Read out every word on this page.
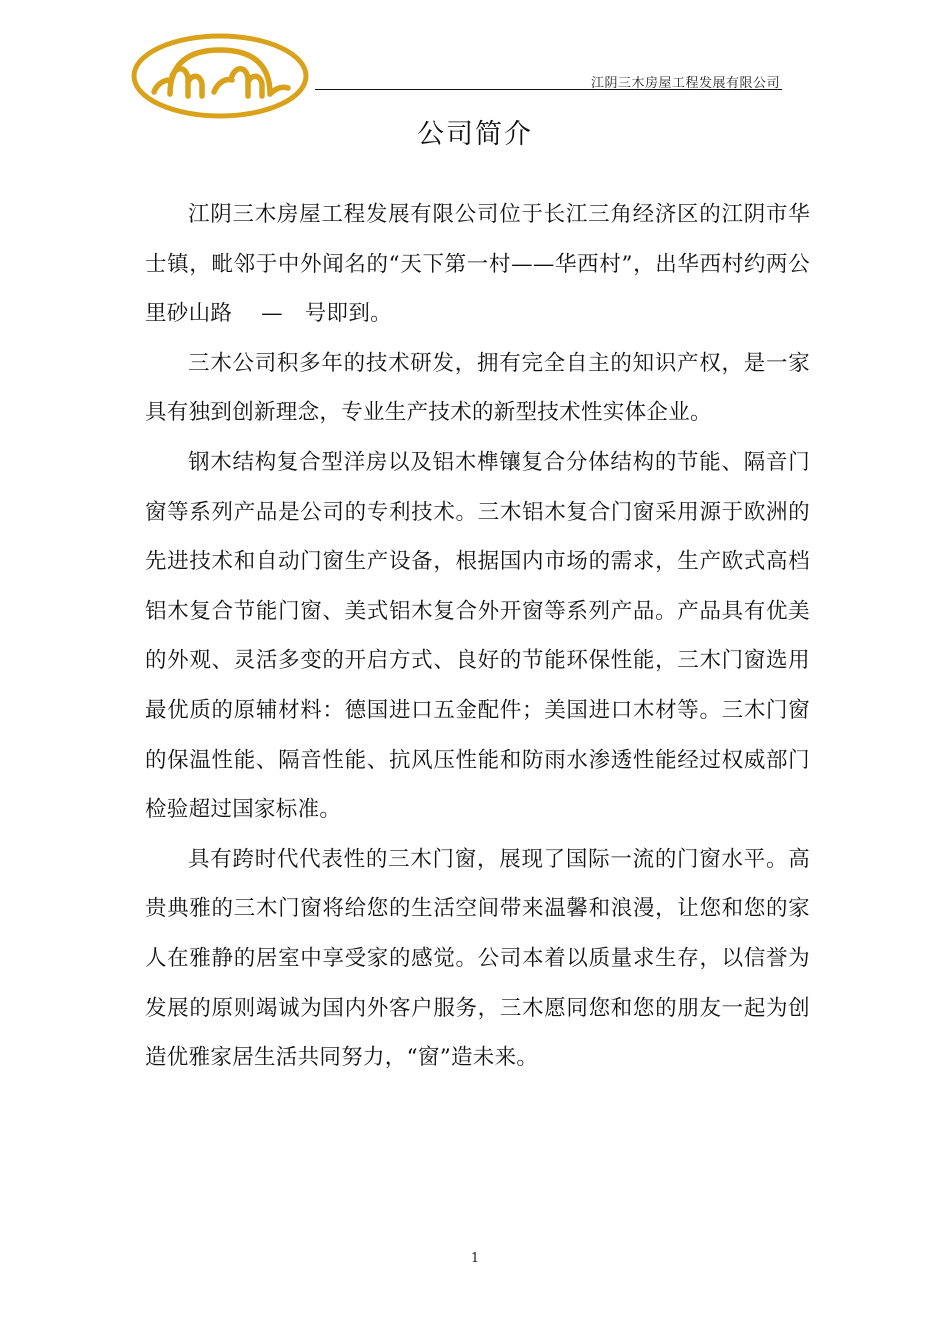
江阴三木房屋工程发展有限公司
公司简介

江阴三木房屋工程发展有限公司位于长江三角经济区的江阴市华士镇，毗邻于中外闻名的“天下第一村——华西村”，出华西村约两公里砂山路　 —　号即到。

三木公司积多年的技术研发，拥有完全自主的知识产权，是一家具有独到创新理念，专业生产技术的新型技术性实体企业。

钢木结构复合型洋房以及铝木榫镶复合分体结构的节能、隔音门窗等系列产品是公司的专利技术。三木铝木复合门窗采用源于欧洲的先进技术和自动门窗生产设备，根据国内市场的需求，生产欧式高档铝木复合节能门窗、美式铝木复合外开窗等系列产品。产品具有优美的外观、灵活多变的开启方式、良好的节能环保性能，三木门窗选用最优质的原辅材料：德国进口五金配件；美国进口木材等。三木门窗的保温性能、隔音性能、抗风压性能和防雨水渗透性能经过权威部门检验超过国家标准。

具有跨时代代表性的三木门窗，展现了国际一流的门窗水平。高贵典雅的三木门窗将给您的生活空间带来温馨和浪漫，让您和您的家人在雅静的居室中享受家的感觉。公司本着以质量求生存，以信誉为发展的原则竭诚为国内外客户服务，三木愿同您和您的朋友一起为创造优雅家居生活共同努力，“窗”造未来。

1
